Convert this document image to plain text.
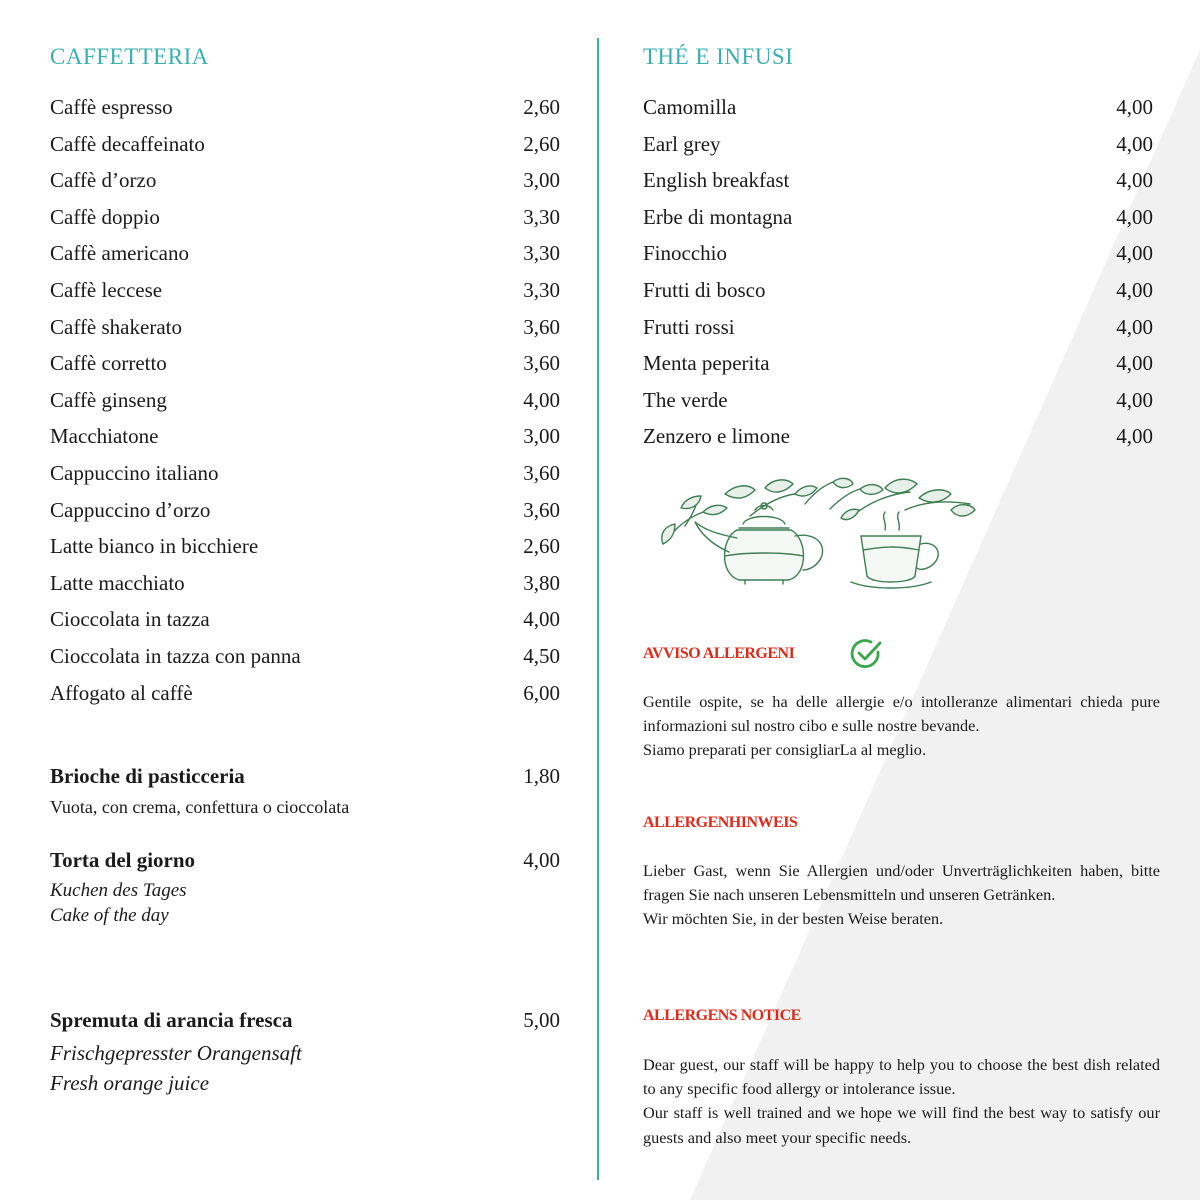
CAFFETTERIA
Caffè espresso	2,60
Caffè decaffeinato	2,60
Caffè d’orzo	3,00
Caffè doppio	3,30
Caffè americano	3,30
Caffè leccese	3,30
Caffè shakerato	3,60
Caffè corretto	3,60
Caffè ginseng	4,00
Macchiatone	3,00
Cappuccino italiano	3,60
Cappuccino d’orzo	3,60
Latte bianco in bicchiere	2,60
Latte macchiato	3,80
Cioccolata in tazza	4,00
Cioccolata in tazza con panna	4,50
Affogato al caffè	6,00
Brioche di pasticceria	1,80
Vuota, con crema, confettura o cioccolata
Torta del giorno	4,00
Kuchen des Tages
Cake of the day
Spremuta di arancia fresca	5,00
Frischgepresster Orangensaft
Fresh orange juice
THÉ E INFUSI
Camomilla	4,00
Earl grey	4,00
English breakfast	4,00
Erbe di montagna	4,00
Finocchio	4,00
Frutti di bosco	4,00
Frutti rossi	4,00
Menta peperita	4,00
The verde	4,00
Zenzero e limone	4,00
AVVISO ALLERGENI

Gentile ospite, se ha delle allergie e/o intolleranze alimentari chieda pure informazioni sul nostro cibo e sulle nostre bevande.

Siamo preparati per consigliarLa al meglio.

ALLERGENHINWEIS

Lieber Gast, wenn Sie Allergien und/oder Unverträglichkeiten haben, bitte fragen Sie nach unseren Lebensmitteln und unseren Getränken.

Wir möchten Sie, in der besten Weise beraten.

ALLERGENS NOTICE

Dear guest, our staff will be happy to help you to choose the best dish related to any specific food allergy or intolerance issue.

Our staff is well trained and we hope we will find the best way to satisfy our guests and also meet your specific needs.
